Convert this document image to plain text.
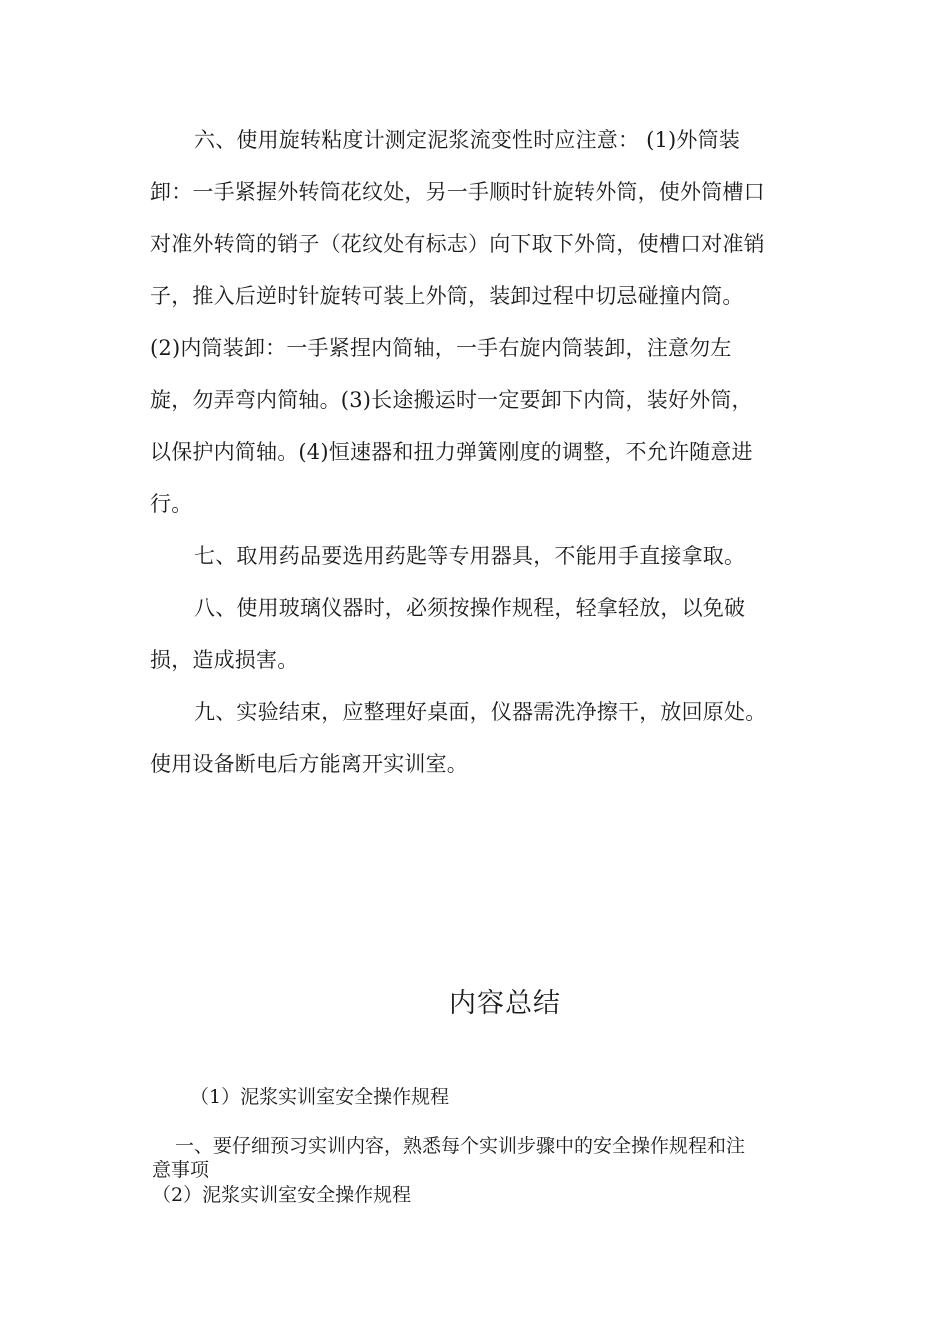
六、使用旋转粘度计测定泥浆流变性时应注意： (1)外筒装
卸：一手紧握外转筒花纹处，另一手顺时针旋转外筒，使外筒槽口
对准外转筒的销子（花纹处有标志）向下取下外筒，使槽口对准销
子，推入后逆时针旋转可装上外筒，装卸过程中切忌碰撞内筒。
(2)内筒装卸：一手紧捏内简轴，一手右旋内筒装卸，注意勿左
旋，勿弄弯内简轴。(3)长途搬运时一定要卸下内筒，装好外筒，
以保护内简轴。(4)恒速器和扭力弹簧刚度的调整，不允许随意进
行。
七、取用药品要选用药匙等专用器具，不能用手直接拿取。
八、使用玻璃仪器时，必须按操作规程，轻拿轻放，以免破
损，造成损害。
九、实验结束，应整理好桌面，仪器需洗净擦干，放回原处。
使用设备断电后方能离开实训室。
内容总结
（1）泥浆实训室安全操作规程
一、要仔细预习实训内容，熟悉每个实训步骤中的安全操作规程和注
意事项
（2）泥浆实训室安全操作规程
